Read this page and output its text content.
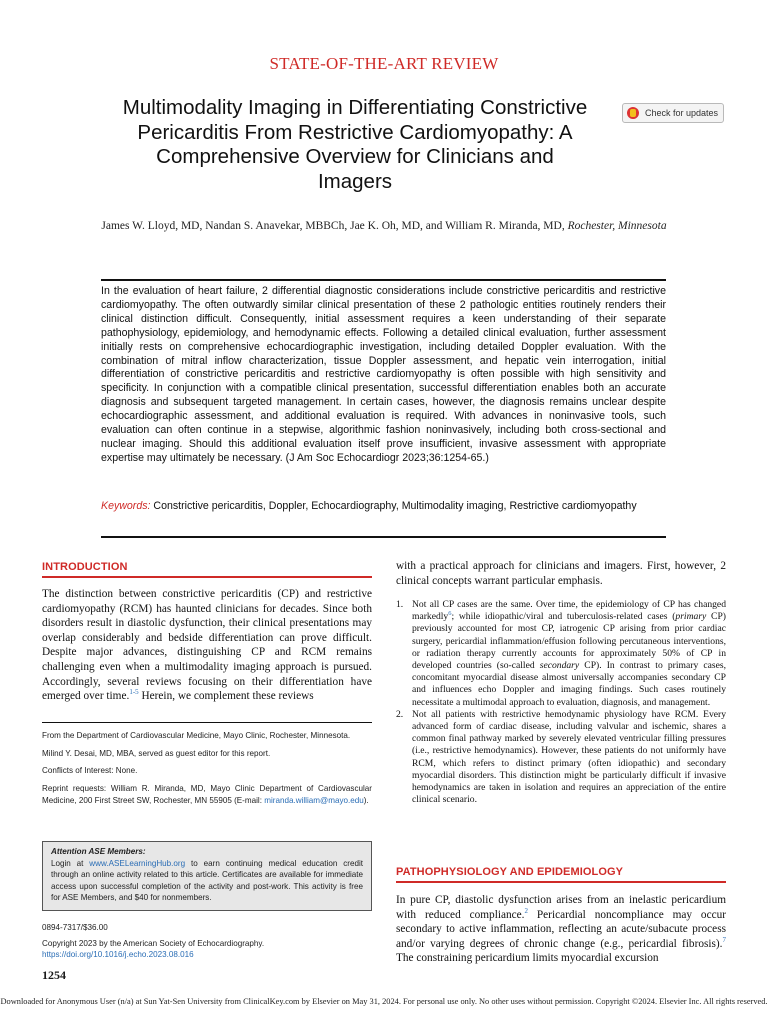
STATE-OF-THE-ART REVIEW
Multimodality Imaging in Differentiating Constrictive Pericarditis From Restrictive Cardiomyopathy: A Comprehensive Overview for Clinicians and Imagers
Check for updates
James W. Lloyd, MD, Nandan S. Anavekar, MBBCh, Jae K. Oh, MD, and William R. Miranda, MD, Rochester, Minnesota
In the evaluation of heart failure, 2 differential diagnostic considerations include constrictive pericarditis and restrictive cardiomyopathy. The often outwardly similar clinical presentation of these 2 pathologic entities routinely renders their clinical distinction difficult. Consequently, initial assessment requires a keen understanding of their separate pathophysiology, epidemiology, and hemodynamic effects. Following a detailed clinical evaluation, further assessment initially rests on comprehensive echocardiographic investigation, including detailed Doppler evaluation. With the combination of mitral inflow characterization, tissue Doppler assessment, and hepatic vein interrogation, initial differentiation of constrictive pericarditis and restrictive cardiomyopathy is often possible with high sensitivity and specificity. In conjunction with a compatible clinical presentation, successful differentiation enables both an accurate diagnosis and subsequent targeted management. In certain cases, however, the diagnosis remains unclear despite echocardiographic assessment, and additional evaluation is required. With advances in noninvasive tools, such evaluation can often continue in a stepwise, algorithmic fashion noninvasively, including both cross-sectional and nuclear imaging. Should this additional evaluation itself prove insufficient, invasive assessment with appropriate expertise may ultimately be necessary. (J Am Soc Echocardiogr 2023;36:1254-65.)
Keywords: Constrictive pericarditis, Doppler, Echocardiography, Multimodality imaging, Restrictive cardiomyopathy
INTRODUCTION
The distinction between constrictive pericarditis (CP) and restrictive cardiomyopathy (RCM) has haunted clinicians for decades. Since both disorders result in diastolic dysfunction, their clinical presentations may overlap considerably and bedside differentiation can prove difficult. Despite major advances, distinguishing CP and RCM remains challenging even when a multimodality imaging approach is pursued. Accordingly, several reviews focusing on their differentiation have emerged over time.$^{1-5}$ Herein, we complement these reviews

From the Department of Cardiovascular Medicine, Mayo Clinic, Rochester, Minnesota.

Milind Y. Desai, MD, MBA, served as guest editor for this report.

Conflicts of Interest: None.

Reprint requests: William R. Miranda, MD, Mayo Clinic Department of Cardiovascular Medicine, 200 First Street SW, Rochester, MN 55905 (E-mail: miranda.william@mayo.edu).

Attention ASE Members:
Login at www.ASELearningHub.org to earn continuing medical education credit through an online activity related to this article. Certificates are available for immediate access upon successful completion of the activity and post-work. This activity is free for ASE Members, and $40 for nonmembers.
0894-7317/$36.00
Copyright 2023 by the American Society of Echocardiography.
https://doi.org/10.1016/j.echo.2023.08.016
1254
with a practical approach for clinicians and imagers. First, however, 2 clinical concepts warrant particular emphasis.
1. Not all CP cases are the same. Over time, the epidemiology of CP has changed markedly$^6$; while idiopathic/viral and tuberculosis-related cases (primary CP) previously accounted for most CP, iatrogenic CP arising from prior cardiac surgery, pericardial inflammation/effusion following percutaneous interventions, or radiation therapy currently accounts for approximately 50% of CP in developed countries (so-called secondary CP). In contrast to primary cases, concomitant myocardial disease almost universally accompanies secondary CP and influences echo Doppler and imaging findings. Such cases routinely necessitate a multimodal approach to evaluation, diagnosis, and management.
2. Not all patients with restrictive hemodynamic physiology have RCM. Every advanced form of cardiac disease, including valvular and ischemic, shares a common final pathway marked by severely elevated ventricular filling pressures (i.e., restrictive hemodynamics). However, these patients do not uniformly have RCM, which refers to distinct primary (often idiopathic) and secondary myocardial disorders. This distinction might be particularly difficult if invasive hemodynamics are taken in isolation and requires an appreciation of the entire clinical scenario.
PATHOPHYSIOLOGY AND EPIDEMIOLOGY
In pure CP, diastolic dysfunction arises from an inelastic pericardium with reduced compliance.$^2$ Pericardial noncompliance may occur secondary to active inflammation, reflecting an acute/subacute process and/or varying degrees of chronic change (e.g., pericardial fibrosis).$^7$ The constraining pericardium limits myocardial excursion
Downloaded for Anonymous User (n/a) at Sun Yat-Sen University from ClinicalKey.com by Elsevier on May 31, 2024. For personal use only. No other uses without permission. Copyright ©2024. Elsevier Inc. All rights reserved.
